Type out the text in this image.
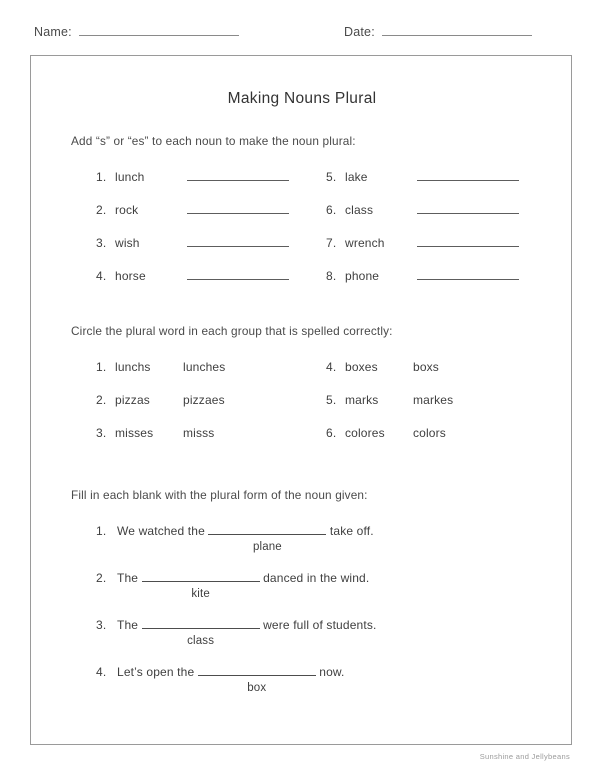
Name:	Date:
Making Nouns Plural
Add “s” or “es” to each noun to make the noun plural:
1. lunch
2. rock
3. wish
4. horse
5. lake
6. class
7. wrench
8. phone
Circle the plural word in each group that is spelled correctly:
1. lunchs	lunches
2. pizzas	pizzaes
3. misses	misss
4. boxes	boxs
5. marks	markes
6. colores	colors
Fill in each blank with the plural form of the noun given:
1. We watched the
plane
take off.
2. The
kite
danced in the wind.
3. The
class
were full of students.
4. Let’s open the
box
now.
Sunshine and Jellybeans
